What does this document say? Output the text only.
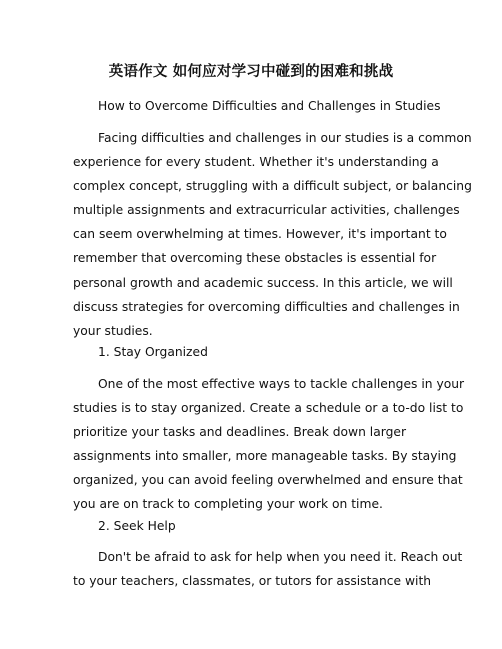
英语作文 如何应对学习中碰到的困难和挑战
How to Overcome Difficulties and Challenges in Studies
Facing difficulties and challenges in our studies is a common
experience for every student. Whether it's understanding a
complex concept, struggling with a difficult subject, or balancing
multiple assignments and extracurricular activities, challenges
can seem overwhelming at times. However, it's important to
remember that overcoming these obstacles is essential for
personal growth and academic success. In this article, we will
discuss strategies for overcoming difficulties and challenges in
your studies.
1. Stay Organized
One of the most effective ways to tackle challenges in your
studies is to stay organized. Create a schedule or a to-do list to
prioritize your tasks and deadlines. Break down larger
assignments into smaller, more manageable tasks. By staying
organized, you can avoid feeling overwhelmed and ensure that
you are on track to completing your work on time.
2. Seek Help
Don't be afraid to ask for help when you need it. Reach out
to your teachers, classmates, or tutors for assistance with
